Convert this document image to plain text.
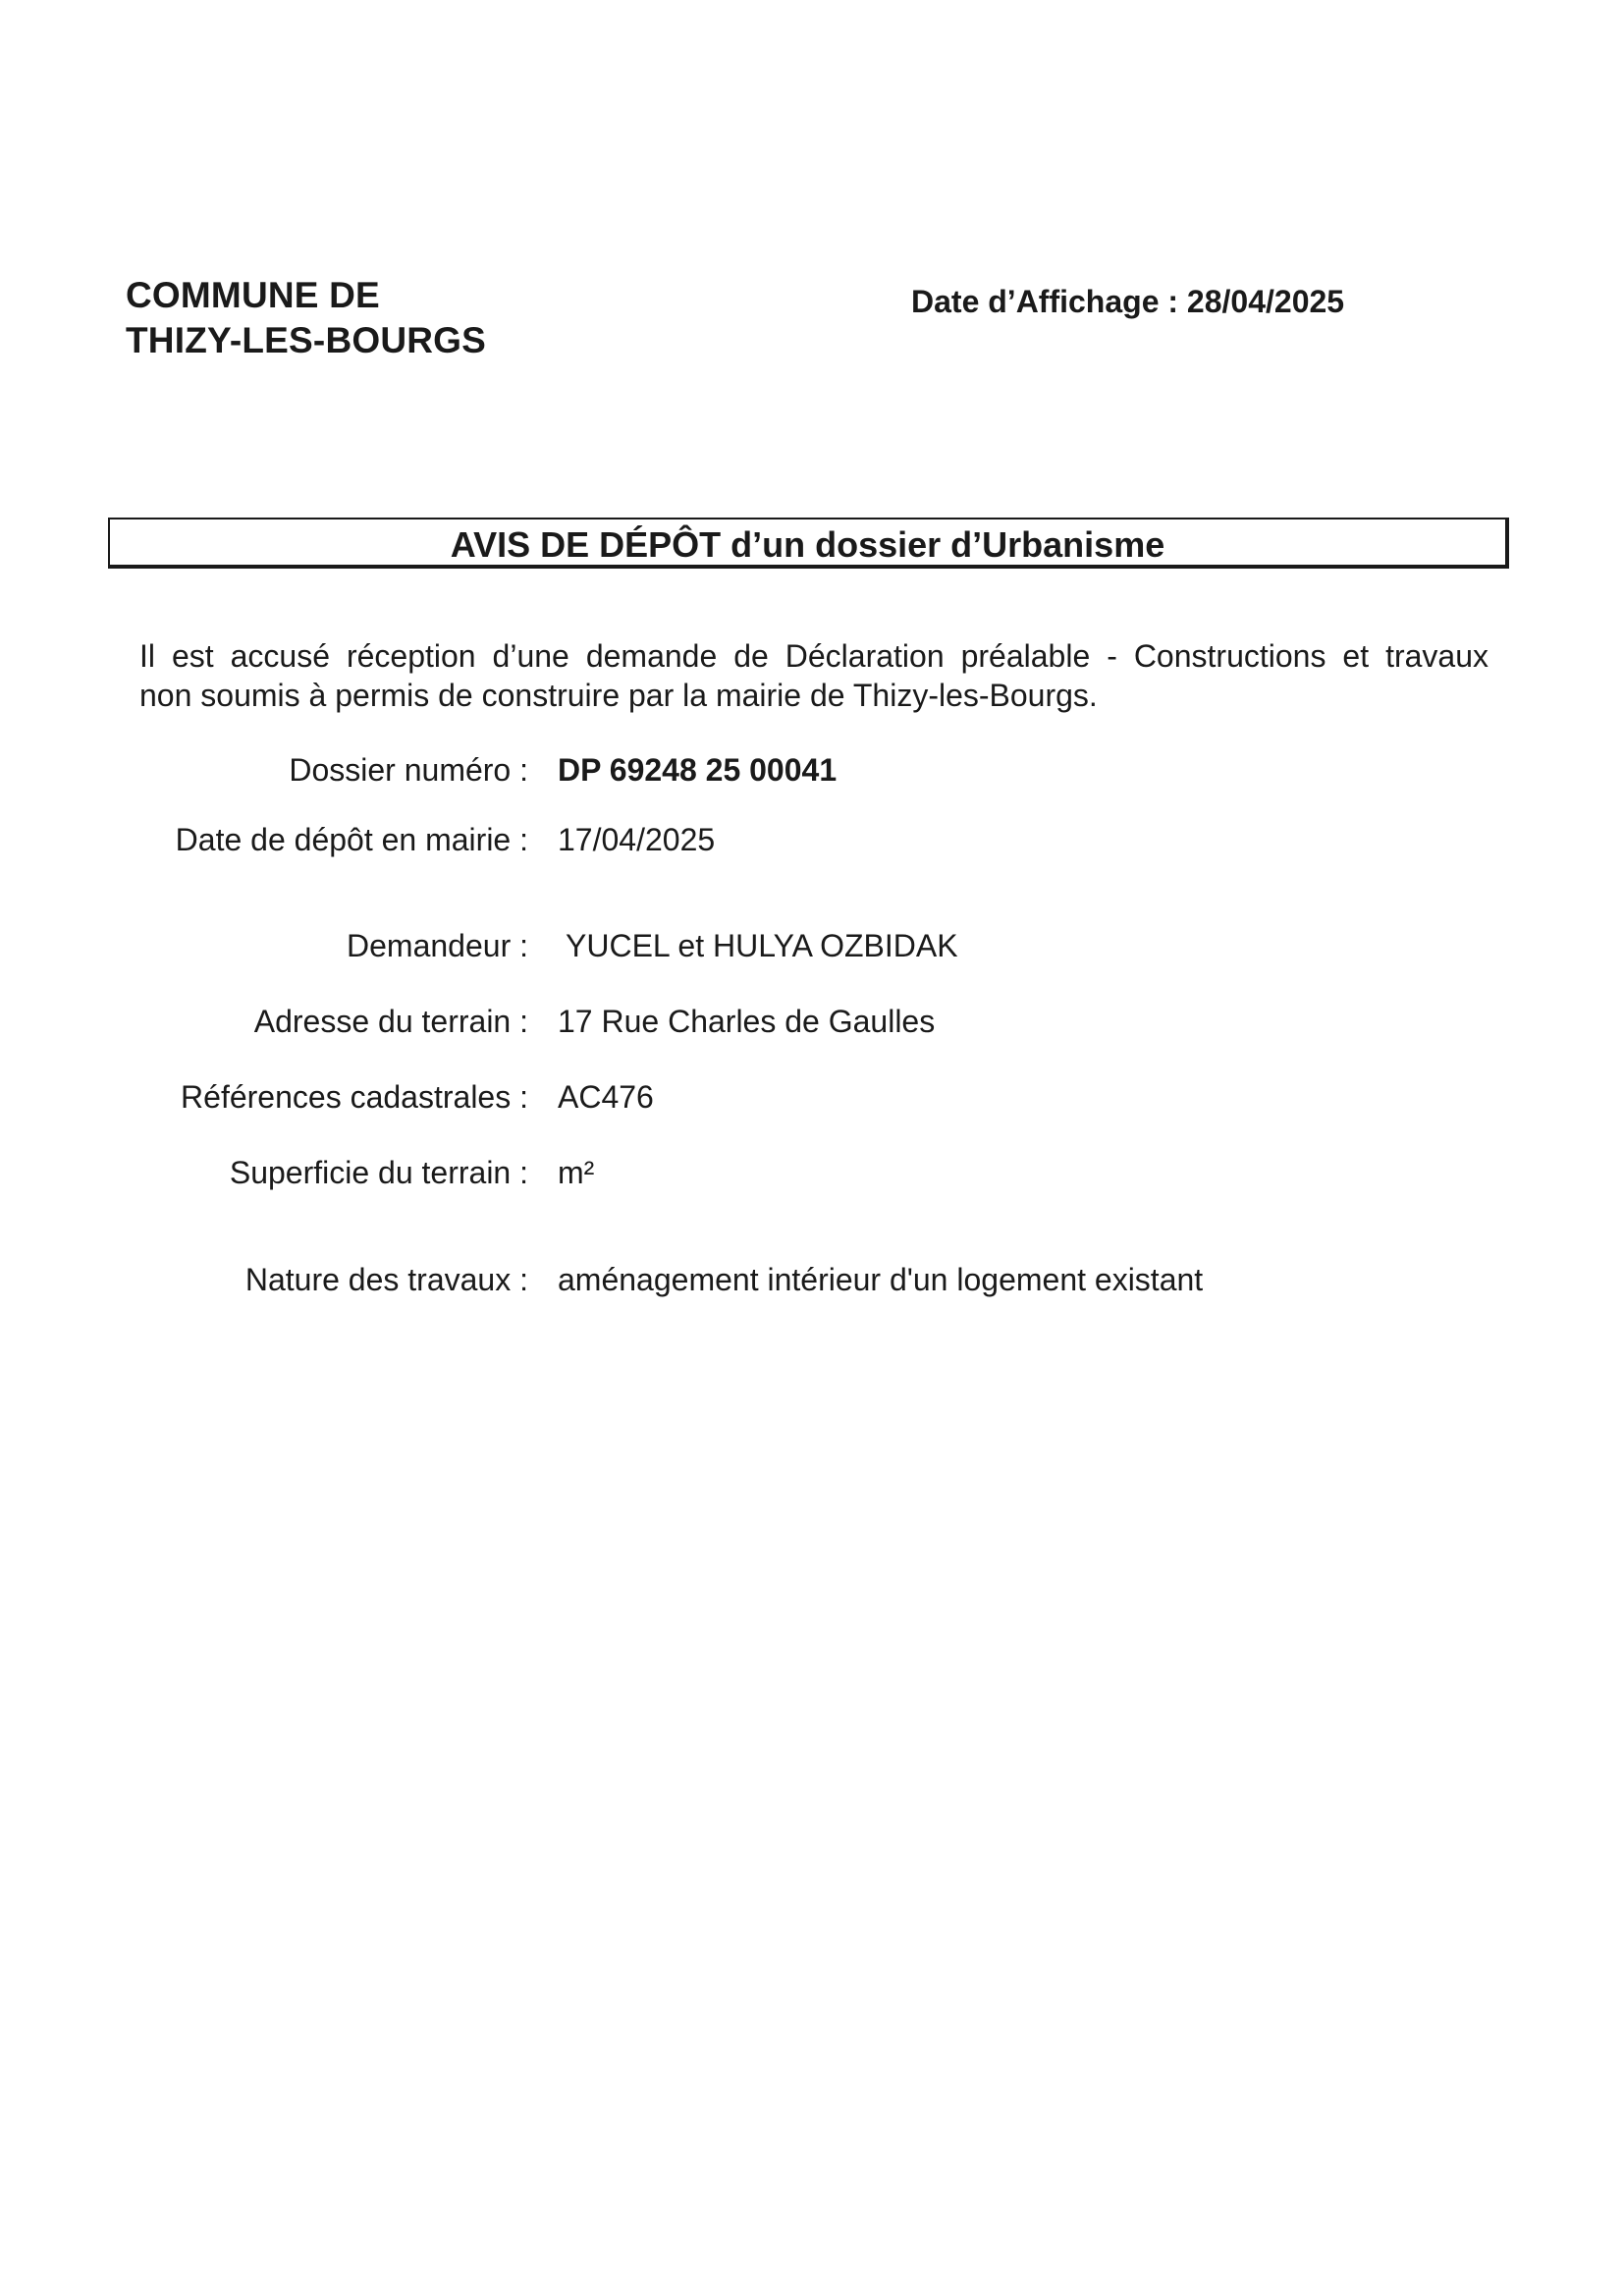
COMMUNE DE
THIZY-LES-BOURGS
Date d’Affichage : 28/04/2025
AVIS DE DÉPÔT d’un dossier d’Urbanisme
Il est accusé réception d’une demande de Déclaration préalable - Constructions et travaux
non soumis à permis de construire par la mairie de Thizy-les-Bourgs.
Dossier numéro : DP 69248 25 00041
Date de dépôt en mairie : 17/04/2025
Demandeur : YUCEL et HULYA OZBIDAK
Adresse du terrain : 17 Rue Charles de Gaulles
Références cadastrales : AC476
Superficie du terrain : m²
Nature des travaux : aménagement intérieur d'un logement existant
